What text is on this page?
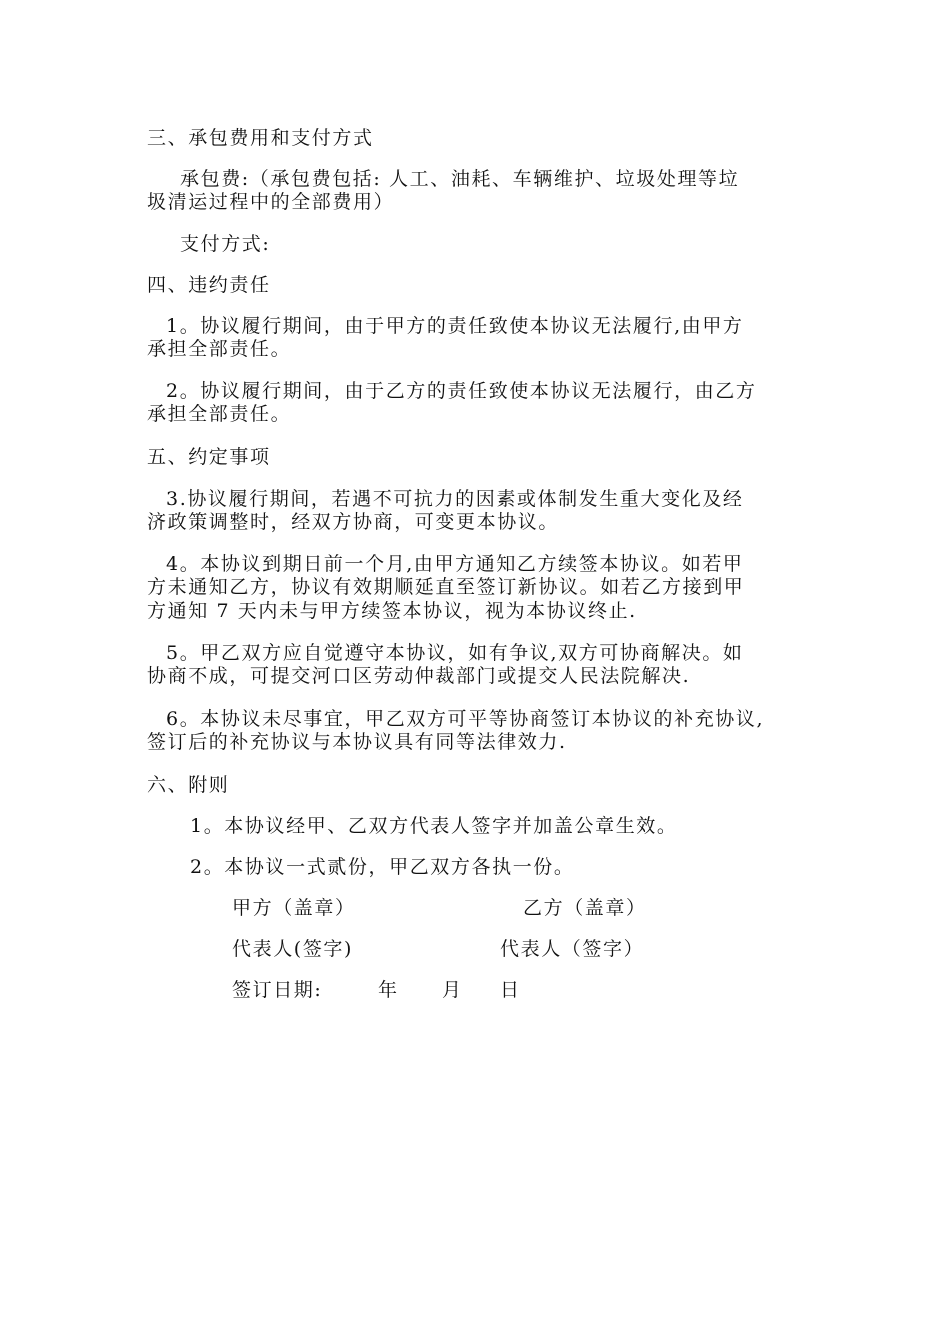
三、承包费用和支付方式

承包费:（承包费包括: 人工、油耗、车辆维护、垃圾处理等垃

圾清运过程中的全部费用）

支付方式:

四、违约责任

1。协议履行期间，由于甲方的责任致使本协议无法履行,由甲方

承担全部责任。

2。协议履行期间，由于乙方的责任致使本协议无法履行，由乙方

承担全部责任。

五、约定事项

3.协议履行期间，若遇不可抗力的因素或体制发生重大变化及经

济政策调整时，经双方协商，可变更本协议。

4。本协议到期日前一个月,由甲方通知乙方续签本协议。如若甲

方未通知乙方，协议有效期顺延直至签订新协议。如若乙方接到甲

方通知 7 天内未与甲方续签本协议，视为本协议终止.

5。甲乙双方应自觉遵守本协议，如有争议,双方可协商解决。如

协商不成，可提交河口区劳动仲裁部门或提交人民法院解决.

6。本协议未尽事宜，甲乙双方可平等协商签订本协议的补充协议,

签订后的补充协议与本协议具有同等法律效力.

六、附则

1。本协议经甲、乙双方代表人签字并加盖公章生效。

2。本协议一式贰份，甲乙双方各执一份。

甲方（盖章）	乙方（盖章）

代表人(签字)	代表人（签字）

签订日期:	年 月 日
